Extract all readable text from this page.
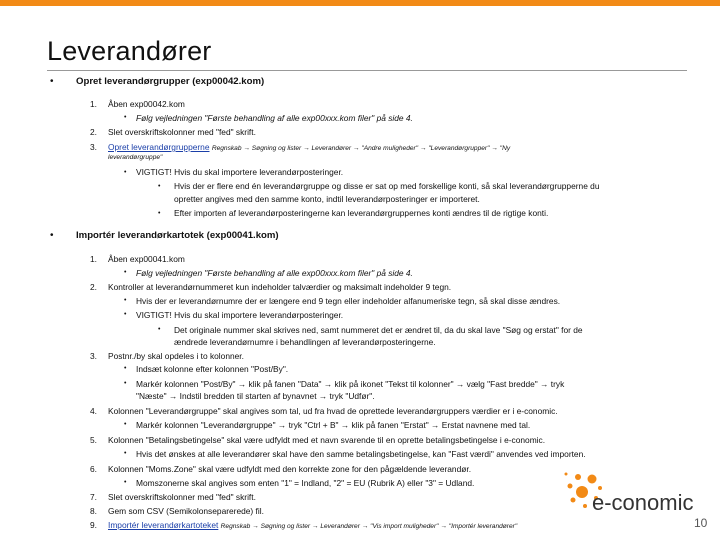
Leverandører
• Opret leverandørgrupper (exp00042.kom)
1. Åben exp00042.kom
• Følg vejledningen "Første behandling af alle exp00xxx.kom filer" på side 4.
2. Slet overskriftskolonner med "fed" skrift.
3. Opret leverandørgrupperne Regnskab → Søgning og lister → Leverandører → "Andre muligheder" → "Leverandørgrupper" → "Ny
leverandørgruppe"
• VIGTIGT! Hvis du skal importere leverandørposteringer.
• Hvis der er flere end én leverandørgruppe og disse er sat op med forskellige konti, så skal leverandørgrupperne du
opretter angives med den samme konto, indtil leverandørposteringer er importeret.
• Efter importen af leverandørposteringerne kan leverandørgruppernes konti ændres til de rigtige konti.
• Importér leverandørkartotek (exp00041.kom)
1. Åben exp00041.kom
• Følg vejledningen "Første behandling af alle exp00xxx.kom filer" på side 4.
2. Kontroller at leverandørnummeret kun indeholder talværdier og maksimalt indeholder 9 tegn.
• Hvis der er leverandørnumre der er længere end 9 tegn eller indeholder alfanumeriske tegn, så skal disse ændres.
• VIGTIGT! Hvis du skal importere leverandørposteringer.
• Det originale nummer skal skrives ned, samt nummeret det er ændret til, da du skal lave "Søg og erstat" for de
ændrede leverandørnumre i behandlingen af leverandørposteringerne.
3. Postnr./by skal opdeles i to kolonner.
• Indsæt kolonne efter kolonnen "Post/By".
• Markér kolonnen "Post/By" → klik på fanen "Data" → klik på ikonet "Tekst til kolonner" → vælg "Fast bredde" → tryk
"Næste" → Indstil bredden til starten af bynavnet → tryk "Udfør".
4. Kolonnen "Leverandørgruppe" skal angives som tal, ud fra hvad de oprettede leverandørgruppers værdier er i e-conomic.
• Markér kolonnen "Leverandørgruppe" → tryk "Ctrl + B" → klik på fanen "Erstat" → Erstat navnene med tal.
5. Kolonnen "Betalingsbetingelse" skal være udfyldt med et navn svarende til en oprette betalingsbetingelse i e-conomic.
• Hvis det ønskes at alle leverandører skal have den samme betalingsbetingelse, kan "Fast værdi" anvendes ved importen.
6. Kolonnen "Moms.Zone" skal være udfyldt med den korrekte zone for den pågældende leverandør.
• Momszonerne skal angives som enten "1" = Indland, "2" = EU (Rubrik A) eller "3" = Udland.
7. Slet overskriftskolonner med "fed" skrift.
8. Gem som CSV (Semikolonseparerede) fil.
9. Importér leverandørkartoteket Regnskab → Søgning og lister → Leverandører → "Vis import muligheder" → "Importér leverandører"
e-conomic
10
